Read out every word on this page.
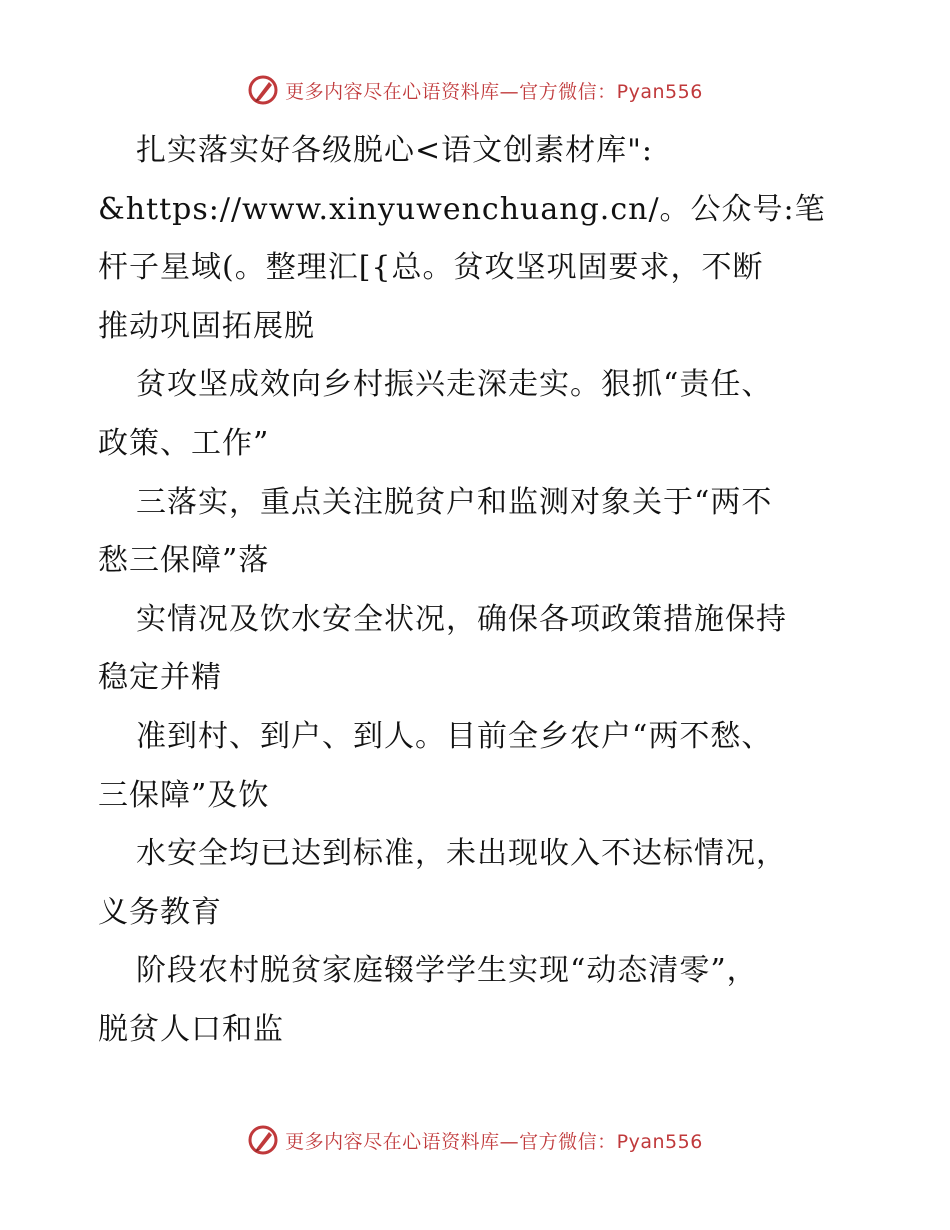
更多内容尽在心语资料库—官方微信：Pyan556
扎实落实好各级脱心<语文创素材库":
&https://www.xinyuwenchuang.cn/。公众号:笔
杆子星域(。整理汇[{总。贫攻坚巩固要求，不断
推动巩固拓展脱
贫攻坚成效向乡村振兴走深走实。狠抓“责任、
政策、工作”
三落实，重点关注脱贫户和监测对象关于“两不
愁三保障”落
实情况及饮水安全状况，确保各项政策措施保持
稳定并精
准到村、到户、到人。目前全乡农户“两不愁、
三保障”及饮
水安全均已达到标准，未出现收入不达标情况，
义务教育
阶段农村脱贫家庭辍学学生实现“动态清零”，
脱贫人口和监
更多内容尽在心语资料库—官方微信：Pyan556
